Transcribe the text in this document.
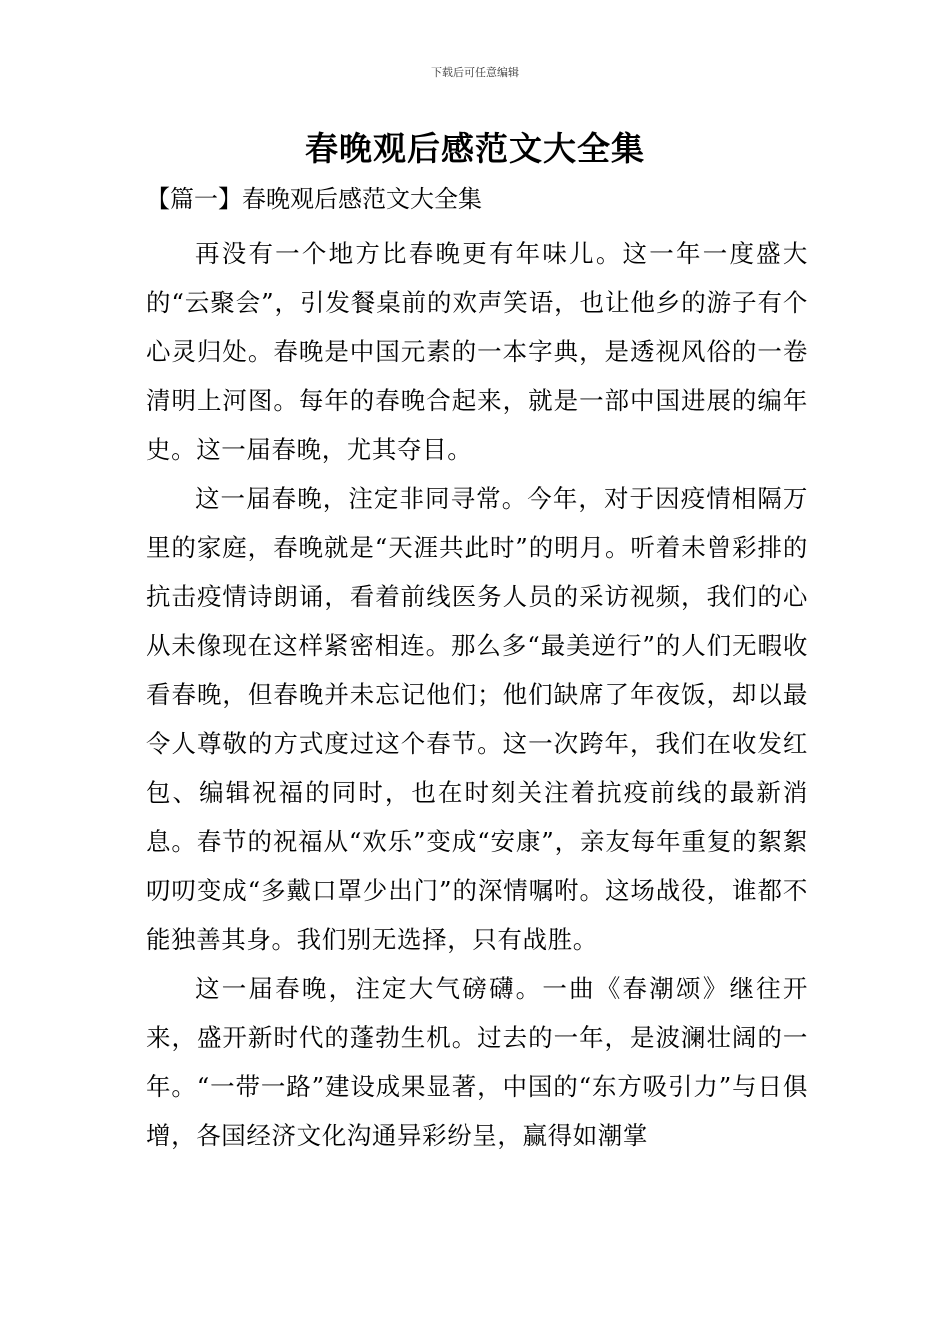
下载后可任意编辑
春晚观后感范文大全集
【篇一】春晚观后感范文大全集

再没有一个地方比春晚更有年味儿。这一年一度盛大的“云聚会”，引发餐桌前的欢声笑语，也让他乡的游子有个心灵归处。春晚是中国元素的一本字典，是透视风俗的一卷清明上河图。每年的春晚合起来，就是一部中国进展的编年史。这一届春晚，尤其夺目。

这一届春晚，注定非同寻常。今年，对于因疫情相隔万里的家庭，春晚就是“天涯共此时”的明月。听着未曾彩排的抗击疫情诗朗诵，看着前线医务人员的采访视频，我们的心从未像现在这样紧密相连。那么多“最美逆行”的人们无暇收看春晚，但春晚并未忘记他们；他们缺席了年夜饭，却以最令人尊敬的方式度过这个春节。这一次跨年，我们在收发红包、编辑祝福的同时，也在时刻关注着抗疫前线的最新消息。春节的祝福从“欢乐”变成“安康”，亲友每年重复的絮絮叨叨变成“多戴口罩少出门”的深情嘱咐。这场战役，谁都不能独善其身。我们别无选择，只有战胜。

这一届春晚，注定大气磅礴。一曲《春潮颂》继往开来，盛开新时代的蓬勃生机。过去的一年，是波澜壮阔的一年。“一带一路”建设成果显著，中国的“东方吸引力”与日俱增，各国经济文化沟通异彩纷呈，赢得如潮掌
